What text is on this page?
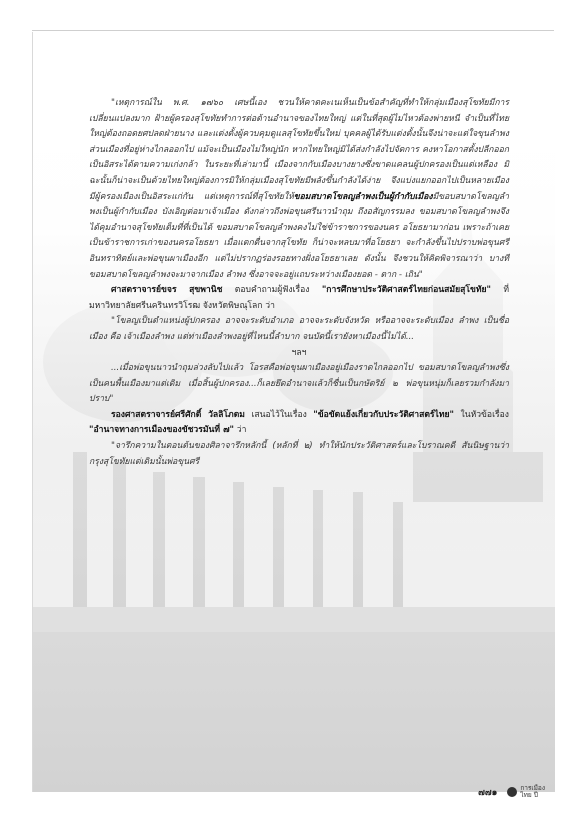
"เหตุการณ์ใน พ.ศ. ๑๗๖๐ เศษนี้เอง ชวนให้คาดคะเนเห็นเป็นข้อสำคัญที่ทำให้กลุ่มเมืองสุโขทัยมีการเปลี่ยนแปลงมาก ฝ้ายผู้ครองสุโขทัยทำการต่อต้านอำนาจของไทยใหญ่ แต่ในที่สุดผู้ไม่ไหวต้องพ่ายหนี จำเป็นที่ไทยใหญ่ต้องถอดยศปลดฝ่ายนาง และแต่งตั้งผู้ควบคุมดูแลสุโขทัยขึ้นใหม่ บุคคลผู้ได้รับแต่งตั้งนั้นจึงน่าจะแต่ใจขุนลำพง ส่วนเมืองที่อยู่ห่างไกลออกไป แม้จะเป็นเมืองไม่ใหญ่นัก หากไทยใหญ่มิได้ส่งกำลังไปจัดการ คงหาโอกาสตั้งปลีกออกเป็นอิสระได้ตามความเก่งกล้า ในระยะที่เล่ามานี้ เมืองจากกับเมืองบางยางซึ่งขาดแคลนผู้ปกครองเป็นแต่เหลือง มิฉะนั้นก็น่าจะเป็นด้วยไทยใหญ่ต้องการมิให้กลุ่มเมืองสุโขทัยมีพลังขึ้นกำลังได้ง่าย จึงแบ่งแยกออกไปเป็นหลายเมือง มีผู้ครองเมืองเป็นอิสระแก่กัน แต่เหตุการณ์ที่สุโขทัยให้ขอมสบาดโขลญลำพงเป็นผู้กำกับเมืองมีขอบสบาดโขลญลำพงเป็นผู้กำกับเมือง บังเอิญต่อมาเจ้าเมือง ดังกล่าวถึงพ่อขุนศรีนาวนำถุม ถึงอสัญกรรมลง ขอมสบาดโขลญลำพงจึงได้คุมอำนาจสุโขทัยเต็มที่ที่เป็นได้ ขอมสบาดโขลญลำพงคงไม่ใช่ข้าราชการของนคร อโยธยามาก่อน เพราะถ้าเคยเป็นข้าราชการเก่าของนครอโยธยา เมื่อแตกตื่นจากสุโขทัย ก็น่าจะหลบมาที่อโยธยา จะกำลังขึ้นไปปราบพ่อขุนศรีอินทราทิตย์และพ่อขุนผาเมืองอีก แต่ไม่ปรากฏร่องรอยทางฝั่งอโยธยาเลย ดังนั้น จึงชวนให้คิดพิจารณาว่า บางทีขอมสบาดโขลญลำพงจะมาจากเมือง ลำพง ซึ่งอาจจะอยู่แถบระหว่างเมืองยอด - ตาก - เถิน"

ศาสตราจารย์ขจร สุขพานิช ตอบคำถามผู้ฟังเรื่อง "การศึกษาประวัติศาสตร์ไทยก่อนสมัยสุโขทัย" ที่มหาวิทยาลัยศรีนครินทรวิโรฒ จังหวัดพิษณุโลก ว่า

"โขลญเป็นตำแหน่งผู้ปกครอง อาจจะระดับอำเภอ อาจจะระดับจังหวัด หรืออาจจะระดับเมือง ลำพง เป็นชื่อเมือง คือ เจ้าเมืองลำพง แต่ท่าเมืองลำพงอยู่ที่ไหนนี้ลำบาก จนบัดนี้เรายังหาเมืองนี้ไม่ได้...

ฯลฯ

...เมื่อพ่อขุนนาวนำถุมล่วงลับไปแล้ว โอรสคือพ่อขุนผาเมืองอยู่เมืองราดไกลออกไป ขอมสบาดโขลญลำพงซึ่งเป็นคนพื้นเมืองมาแต่เดิม เมื่อสิ้นผู้ปกครอง...ก็เลยยึดอำนาจแล้วก็ชื่นเป็นกษัตริย์ ๒ พ่อขุนหนุ่มก็เลยรวมกำลังมาปราบ"

รองศาสตราจารย์ศรีศักดิ์ วัลลิโภดม เสนอไว้ในเรื่อง "ข้อขัดแย้งเกี่ยวกับประวัติศาสตร์ไทย" ในหัวข้อเรื่อง "อำนาจทางการเมืองของขัชวรมันที่ ๗" ว่า

"จารึกความในตอนต้นของศิลาจารึกหลักนี้ (หลักที่ ๒) ทำให้นักประวัติศาสตร์และโบราณคดี สันนิษฐานว่ากรุงสุโขทัยแต่เดิมนั้นพ่อขุนศรี

๗๗๑	การเมือง
ไทย ปี
